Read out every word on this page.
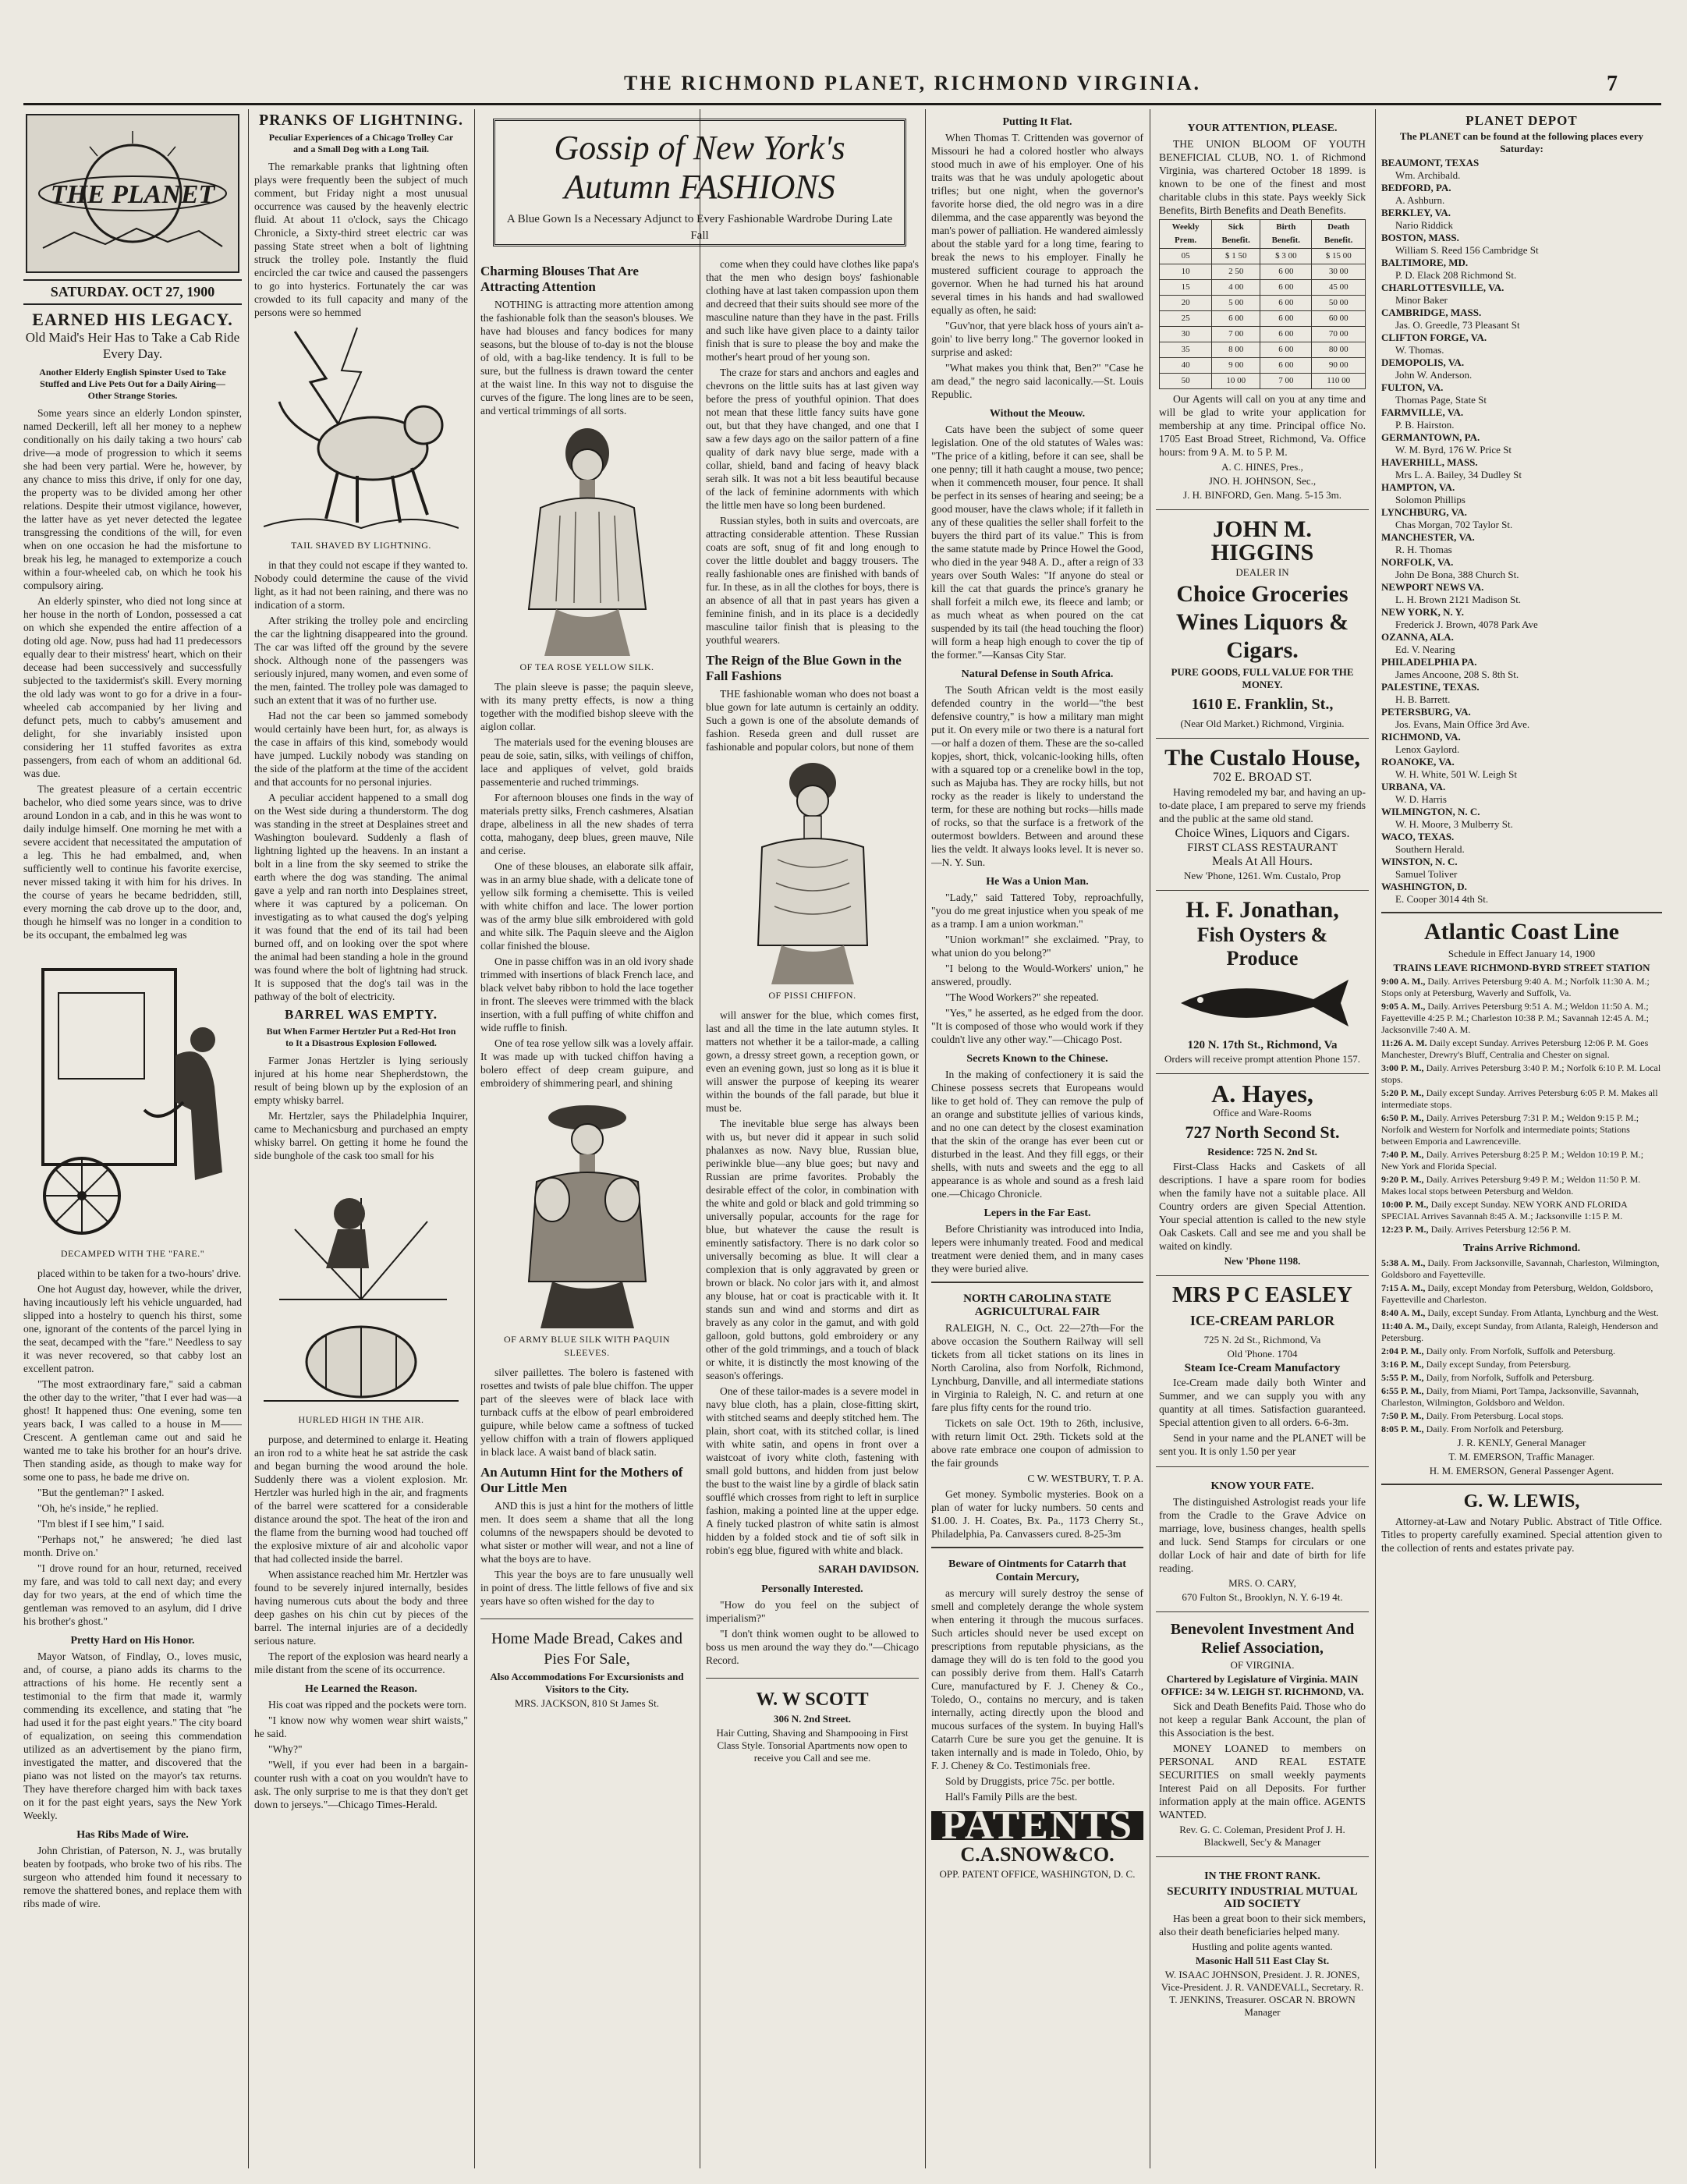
THE RICHMOND PLANET, RICHMOND VIRGINIA.	7
THE PLANET
SATURDAY. OCT 27, 1900

EARNED HIS LEGACY.

Old Maid's Heir Has to Take a Cab Ride Every Day.

Another Elderly English Spinster Used to Take Stuffed and Live Pets Out for a Daily Airing—Other Strange Stories.

Some years since an elderly London spinster, named Deckerill, left all her money to a nephew conditionally on his daily taking a two hours' cab drive—a mode of progression to which it seems she had been very partial. Were he, however, by any chance to miss this drive, if only for one day, the property was to be divided among her other relations. Despite their utmost vigilance, however, the latter have as yet never detected the legatee transgressing the conditions of the will, for even when on one occasion he had the misfortune to break his leg, he managed to extemporize a couch within a four-wheeled cab, on which he took his compulsory airing.

An elderly spinster, who died not long since at her house in the north of London, possessed a cat on which she expended the entire affection of a doting old age. Now, puss had had 11 predecessors equally dear to their mistress' heart, which on their decease had been successively and successfully subjected to the taxidermist's skill. Every morning the old lady was wont to go for a drive in a four-wheeled cab accompanied by her living and defunct pets, much to cabby's amusement and delight, for she invariably insisted upon considering her 11 stuffed favorites as extra passengers, from each of whom an additional 6d. was due.

The greatest pleasure of a certain eccentric bachelor, who died some years since, was to drive around London in a cab, and in this he was wont to daily indulge himself. One morning he met with a severe accident that necessitated the amputation of a leg. This he had embalmed, and, when sufficiently well to continue his favorite exercise, never missed taking it with him for his drives. In the course of years he became bedridden, still, every morning the cab drove up to the door, and, though he himself was no longer in a condition to be its occupant, the embalmed leg was

DECAMPED WITH THE "FARE."

placed within to be taken for a two-hours' drive.

One hot August day, however, while the driver, having incautiously left his vehicle unguarded, had slipped into a hostelry to quench his thirst, some one, ignorant of the contents of the parcel lying in the seat, decamped with the "fare." Needless to say it was never recovered, so that cabby lost an excellent patron.

"The most extraordinary fare," said a cabman the other day to the writer, "that I ever had was—a ghost! It happened thus: One evening, some ten years back, I was called to a house in M—— Crescent. A gentleman came out and said he wanted me to take his brother for an hour's drive. Then standing aside, as though to make way for some one to pass, he bade me drive on.

"But the gentleman?" I asked.

"Oh, he's inside," he replied.

"I'm blest if I see him," I said.

"Perhaps not," he answered; 'he died last month. Drive on.'

"I drove round for an hour, returned, received my fare, and was told to call next day; and every day for two years, at the end of which time the gentleman was removed to an asylum, did I drive his brother's ghost."

Pretty Hard on His Honor.

Mayor Watson, of Findlay, O., loves music, and, of course, a piano adds its charms to the attractions of his home. He recently sent a testimonial to the firm that made it, warmly commending its excellence, and stating that "he had used it for the past eight years." The city board of equalization, on seeing this commendation utilized as an advertisement by the piano firm, investigated the matter, and discovered that the piano was not listed on the mayor's tax returns. They have therefore charged him with back taxes on it for the past eight years, says the New York Weekly.

Has Ribs Made of Wire.

John Christian, of Paterson, N. J., was brutally beaten by footpads, who broke two of his ribs. The surgeon who attended him found it necessary to remove the shattered bones, and replace them with ribs made of wire.

PRANKS OF LIGHTNING.

Peculiar Experiences of a Chicago Trolley Car and a Small Dog with a Long Tail.

The remarkable pranks that lightning often plays were frequently been the subject of much comment, but Friday night a most unusual occurrence was caused by the heavenly electric fluid. At about 11 o'clock, says the Chicago Chronicle, a Sixty-third street electric car was passing State street when a bolt of lightning struck the trolley pole. Instantly the fluid encircled the car twice and caused the passengers to go into hysterics. Fortunately the car was crowded to its full capacity and many of the persons were so hemmed

TAIL SHAVED BY LIGHTNING.

in that they could not escape if they wanted to. Nobody could determine the cause of the vivid light, as it had not been raining, and there was no indication of a storm.

After striking the trolley pole and encircling the car the lightning disappeared into the ground. The car was lifted off the ground by the severe shock. Although none of the passengers was seriously injured, many women, and even some of the men, fainted. The trolley pole was damaged to such an extent that it was of no further use.

Had not the car been so jammed somebody would certainly have been hurt, for, as always is the case in affairs of this kind, somebody would have jumped. Luckily nobody was standing on the side of the platform at the time of the accident and that accounts for no personal injuries.

A peculiar accident happened to a small dog on the West side during a thunderstorm. The dog was standing in the street at Desplaines street and Washington boulevard. Suddenly a flash of lightning lighted up the heavens. In an instant a bolt in a line from the sky seemed to strike the earth where the dog was standing. The animal gave a yelp and ran north into Desplaines street, where it was captured by a policeman. On investigating as to what caused the dog's yelping it was found that the end of its tail had been burned off, and on looking over the spot where the animal had been standing a hole in the ground was found where the bolt of lightning had struck. It is supposed that the dog's tail was in the pathway of the bolt of electricity.

BARREL WAS EMPTY.

But When Farmer Hertzler Put a Red-Hot Iron to It a Disastrous Explosion Followed.

Farmer Jonas Hertzler is lying seriously injured at his home near Shepherdstown, the result of being blown up by the explosion of an empty whisky barrel.

Mr. Hertzler, says the Philadelphia Inquirer, came to Mechanicsburg and purchased an empty whisky barrel. On getting it home he found the side bunghole of the cask too small for his

HURLED HIGH IN THE AIR.

purpose, and determined to enlarge it. Heating an iron rod to a white heat he sat astride the cask and began burning the wood around the hole. Suddenly there was a violent explosion. Mr. Hertzler was hurled high in the air, and fragments of the barrel were scattered for a considerable distance around the spot. The heat of the iron and the flame from the burning wood had touched off the explosive mixture of air and alcoholic vapor that had collected inside the barrel.

When assistance reached him Mr. Hertzler was found to be severely injured internally, besides having numerous cuts about the body and three deep gashes on his chin cut by pieces of the barrel. The internal injuries are of a decidedly serious nature.

The report of the explosion was heard nearly a mile distant from the scene of its occurrence.

He Learned the Reason.

His coat was ripped and the pockets were torn.

"I know now why women wear shirt waists," he said.

"Why?"

"Well, if you ever had been in a bargain-counter rush with a coat on you wouldn't have to ask. The only surprise to me is that they don't get down to jerseys."—Chicago Times-Herald.

Charming Blouses That Are Attracting Attention

NOTHING is attracting more attention among the fashionable folk than the season's blouses. We have had blouses and fancy bodices for many seasons, but the blouse of to-day is not the blouse of old, with a bag-like tendency. It is full to be sure, but the fullness is drawn toward the center at the waist line. In this way not to disguise the curves of the figure. The long lines are to be seen, and vertical trimmings of all sorts.

OF TEA ROSE YELLOW SILK.

The plain sleeve is passe; the paquin sleeve, with its many pretty effects, is now a thing together with the modified bishop sleeve with the aiglon collar.

The materials used for the evening blouses are peau de soie, satin, silks, with veilings of chiffon, lace and appliques of velvet, gold braids passementerie and ruched trimmings.

For afternoon blouses one finds in the way of materials pretty silks, French cashmeres, Alsatian drape, albeliness in all the new shades of terra cotta, mahogany, deep blues, green mauve, Nile and cerise.

One of these blouses, an elaborate silk affair, was in an army blue shade, with a delicate tone of yellow silk forming a chemisette. This is veiled with white chiffon and lace. The lower portion was of the army blue silk embroidered with gold and white silk. The Paquin sleeve and the Aiglon collar finished the blouse.

One in passe chiffon was in an old ivory shade trimmed with insertions of black French lace, and black velvet baby ribbon to hold the lace together in front. The sleeves were trimmed with the black insertion, with a full puffing of white chiffon and wide ruffle to finish.

One of tea rose yellow silk was a lovely affair. It was made up with tucked chiffon having a bolero effect of deep cream guipure, and embroidery of shimmering pearl, and shining

OF ARMY BLUE SILK WITH PAQUIN SLEEVES.

silver paillettes. The bolero is fastened with rosettes and twists of pale blue chiffon. The upper part of the sleeves were of black lace with turnback cuffs at the elbow of pearl embroidered guipure, while below came a softness of tucked yellow chiffon with a train of flowers appliqued in black lace. A waist band of black satin.

An Autumn Hint for the Mothers of Our Little Men

AND this is just a hint for the mothers of little men. It does seem a shame that all the long columns of the newspapers should be devoted to what sister or mother will wear, and not a line of what the boys are to have.

This year the boys are to fare unusually well in point of dress. The little fellows of five and six years have so often wished for the day to

Home Made Bread, Cakes and Pies For Sale,

Also Accommodations For Excursionists and Visitors to the City.

MRS. JACKSON, 810 St James St.

Gossip of New York's Autumn FASHIONS

A Blue Gown Is a Necessary Adjunct to Every Fashionable Wardrobe During Late Fall

come when they could have clothes like papa's that the men who design boys' fashionable clothing have at last taken compassion upon them and decreed that their suits should see more of the masculine nature than they have in the past. Frills and such like have given place to a dainty tailor finish that is sure to please the boy and make the mother's heart proud of her young son.

The craze for stars and anchors and eagles and chevrons on the little suits has at last given way before the press of youthful opinion. That does not mean that these little fancy suits have gone out, but that they have changed, and one that I saw a few days ago on the sailor pattern of a fine quality of dark navy blue serge, made with a collar, shield, band and facing of heavy black serah silk. It was not a bit less beautiful because of the lack of feminine adornments with which the little men have so long been burdened.

Russian styles, both in suits and overcoats, are attracting considerable attention. These Russian coats are soft, snug of fit and long enough to cover the little doublet and baggy trousers. The really fashionable ones are finished with bands of fur. In these, as in all the clothes for boys, there is an absence of all that in past years has given a feminine finish, and in its place is a decidedly masculine tailor finish that is pleasing to the youthful wearers.

The Reign of the Blue Gown in the Fall Fashions

THE fashionable woman who does not boast a blue gown for late autumn is certainly an oddity. Such a gown is one of the absolute demands of fashion. Reseda green and dull russet are fashionable and popular colors, but none of them

OF PISSI CHIFFON.

will answer for the blue, which comes first, last and all the time in the late autumn styles. It matters not whether it be a tailor-made, a calling gown, a dressy street gown, a reception gown, or even an evening gown, just so long as it is blue it will answer the purpose of keeping its wearer within the bounds of the fall parade, but blue it must be.

The inevitable blue serge has always been with us, but never did it appear in such solid phalanxes as now. Navy blue, Russian blue, periwinkle blue—any blue goes; but navy and Russian are prime favorites. Probably the desirable effect of the color, in combination with the white and gold or black and gold trimming so universally popular, accounts for the rage for blue, but whatever the cause the result is eminently satisfactory. There is no dark color so universally becoming as blue. It will clear a complexion that is only aggravated by green or brown or black. No color jars with it, and almost any blouse, hat or coat is practicable with it. It stands sun and wind and storms and dirt as bravely as any color in the gamut, and with gold galloon, gold buttons, gold embroidery or any other of the gold trimmings, and a touch of black or white, it is distinctly the most knowing of the season's offerings.

One of these tailor-mades is a severe model in navy blue cloth, has a plain, close-fitting skirt, with stitched seams and deeply stitched hem. The plain, short coat, with its stitched collar, is lined with white satin, and opens in front over a waistcoat of ivory white cloth, fastening with small gold buttons, and hidden from just below the bust to the waist line by a girdle of black satin soufflé which crosses from right to left in surplice fashion, making a pointed line at the upper edge. A finely tucked plastron of white satin is almost hidden by a folded stock and tie of soft silk in robin's egg blue, figured with white and black.

SARAH DAVIDSON.

Personally Interested.

"How do you feel on the subject of imperialism?"

"I don't think women ought to be allowed to boss us men around the way they do."—Chicago Record.

W. W SCOTT

306 N. 2nd Street.

Hair Cutting, Shaving and Shampooing in First Class Style. Tonsorial Apartments now open to receive you Call and see me.

Putting It Flat.

When Thomas T. Crittenden was governor of Missouri he had a colored hostler who always stood much in awe of his employer. One of his traits was that he was unduly apologetic about trifles; but one night, when the governor's favorite horse died, the old negro was in a dire dilemma, and the case apparently was beyond the man's power of palliation. He wandered aimlessly about the stable yard for a long time, fearing to break the news to his employer. Finally he mustered sufficient courage to approach the governor. When he had turned his hat around several times in his hands and had swallowed equally as often, he said:

"Guv'nor, that yere black hoss of yours ain't a-goin' to live berry long." The governor looked in surprise and asked:

"What makes you think that, Ben?" "Case he am dead," the negro said laconically.—St. Louis Republic.

Without the Meouw.

Cats have been the subject of some queer legislation. One of the old statutes of Wales was: "The price of a kitling, before it can see, shall be one penny; till it hath caught a mouse, two pence; when it commenceth mouser, four pence. It shall be perfect in its senses of hearing and seeing; be a good mouser, have the claws whole; if it falleth in any of these qualities the seller shall forfeit to the buyers the third part of its value." This is from the same statute made by Prince Howel the Good, who died in the year 948 A. D., after a reign of 33 years over South Wales: "If anyone do steal or kill the cat that guards the prince's granary he shall forfeit a milch ewe, its fleece and lamb; or as much wheat as when poured on the cat suspended by its tail (the head touching the floor) will form a heap high enough to cover the tip of the former."—Kansas City Star.

Natural Defense in South Africa.

The South African veldt is the most easily defended country in the world—"the best defensive country," is how a military man might put it. On every mile or two there is a natural fort—or half a dozen of them. These are the so-called kopjes, short, thick, volcanic-looking hills, often with a squared top or a crenelike bowl in the top, such as Majuba has. They are rocky hills, but not rocky as the reader is likely to understand the term, for these are nothing but rocks—hills made of rocks, so that the surface is a fretwork of the outermost bowlders. Between and around these lies the veldt. It always looks level. It is never so.—N. Y. Sun.

He Was a Union Man.

"Lady," said Tattered Toby, reproachfully, "you do me great injustice when you speak of me as a tramp. I am a union workman."

"Union workman!" she exclaimed. "Pray, to what union do you belong?"

"I belong to the Would-Workers' union," he answered, proudly.

"The Wood Workers?" she repeated.

"Yes," he asserted, as he edged from the door. "It is composed of those who would work if they couldn't live any other way."—Chicago Post.

Secrets Known to the Chinese.

In the making of confectionery it is said the Chinese possess secrets that Europeans would like to get hold of. They can remove the pulp of an orange and substitute jellies of various kinds, and no one can detect by the closest examination that the skin of the orange has ever been cut or disturbed in the least. And they fill eggs, or their shells, with nuts and sweets and the egg to all appearance is as whole and sound as a fresh laid one.—Chicago Chronicle.

Lepers in the Far East.

Before Christianity was introduced into India, lepers were inhumanly treated. Food and medical treatment were denied them, and in many cases they were buried alive.

NORTH CAROLINA STATE AGRICULTURAL FAIR

RALEIGH, N. C., Oct. 22—27th—For the above occasion the Southern Railway will sell tickets from all ticket stations on its lines in North Carolina, also from Norfolk, Richmond, Lynchburg, Danville, and all intermediate stations in Virginia to Raleigh, N. C. and return at one fare plus fifty cents for the round trio.

Tickets on sale Oct. 19th to 26th, inclusive, with return limit Oct. 29th. Tickets sold at the above rate embrace one coupon of admission to the fair grounds

C W. WESTBURY, T. P. A.

Get money. Symbolic mysteries. Book on a plan of water for lucky numbers. 50 cents and $1.00. J. H. Coates, Bx. Pa., 1173 Cherry St., Philadelphia, Pa. Canvassers cured. 8-25-3m

Beware of Ointments for Catarrh that Contain Mercury,

as mercury will surely destroy the sense of smell and completely derange the whole system when entering it through the mucous surfaces. Such articles should never be used except on prescriptions from reputable physicians, as the damage they will do is ten fold to the good you can possibly derive from them. Hall's Catarrh Cure, manufactured by F. J. Cheney & Co., Toledo, O., contains no mercury, and is taken internally, acting directly upon the blood and mucous surfaces of the system. In buying Hall's Catarrh Cure be sure you get the genuine. It is taken internally and is made in Toledo, Ohio, by F. J. Cheney & Co. Testimonials free.

Sold by Druggists, price 75c. per bottle.

Hall's Family Pills are the best.

PATENTS

C.A.SNOW&CO.

OPP. PATENT OFFICE, WASHINGTON, D. C.

YOUR ATTENTION, PLEASE.

THE UNION BLOOM OF YOUTH BENEFICIAL CLUB, NO. 1. of Richmond Virginia, was chartered October 18 1899. is known to be one of the finest and most charitable clubs in this state. Pays weekly Sick Benefits, Birth Benefits and Death Benefits.

Weekly Prem.	Sick Benefit.	Birth Benefit.	Death Benefit.
05	$ 1 50	$ 3 00	$ 15 00
10	2 50	6 00	30 00
15	4 00	6 00	45 00
20	5 00	6 00	50 00
25	6 00	6 00	60 00
30	7 00	6 00	70 00
35	8 00	6 00	80 00
40	9 00	6 00	90 00
50	10 00	7 00	110 00

Our Agents will call on you at any time and will be glad to write your application for membership at any time. Principal office No. 1705 East Broad Street, Richmond, Va. Office hours: from 9 A. M. to 5 P. M.

A. C. HINES, Pres.,

JNO. H. JOHNSON, Sec.,

J. H. BINFORD, Gen. Mang. 5-15 3m.

JOHN M. HIGGINS

DEALER IN

Choice Groceries Wines Liquors & Cigars.

PURE GOODS, FULL VALUE FOR THE MONEY.

1610 E. Franklin, St.,

(Near Old Market.) Richmond, Virginia.

The Custalo House,

702 E. BROAD ST.

Having remodeled my bar, and having an up-to-date place, I am prepared to serve my friends and the public at the same old stand.

Choice Wines, Liquors and Cigars.

FIRST CLASS RESTAURANT

Meals At All Hours.

New 'Phone, 1261. Wm. Custalo, Prop

H. F. Jonathan,

Fish Oysters & Produce

120 N. 17th St., Richmond, Va

Orders will receive prompt attention Phone 157.

A. Hayes,

Office and Ware-Rooms

727 North Second St.

Residence: 725 N. 2nd St.

First-Class Hacks and Caskets of all descriptions. I have a spare room for bodies when the family have not a suitable place. All Country orders are given Special Attention. Your special attention is called to the new style Oak Caskets. Call and see me and you shall be waited on kindly.

New 'Phone 1198.

MRS P C EASLEY

ICE-CREAM PARLOR

725 N. 2d St., Richmond, Va

Old 'Phone. 1704

Steam Ice-Cream Manufactory

Ice-Cream made daily both Winter and Summer, and we can supply you with any quantity at all times. Satisfaction guaranteed. Special attention given to all orders. 6-6-3m.

Send in your name and the PLANET will be sent you. It is only 1.50 per year

KNOW YOUR FATE.

The distinguished Astrologist reads your life from the Cradle to the Grave Advice on marriage, love, business changes, health spells and luck. Send Stamps for circulars or one dollar Lock of hair and date of birth for life reading.

MRS. O. CARY,

670 Fulton St., Brooklyn, N. Y. 6-19 4t.

Benevolent Investment And Relief Association,

OF VIRGINIA.

Chartered by Legislature of Virginia. MAIN OFFICE: 34 W. LEIGH ST. RICHMOND, VA.

Sick and Death Benefits Paid. Those who do not keep a regular Bank Account, the plan of this Association is the best.

MONEY LOANED to members on PERSONAL AND REAL ESTATE SECURITIES on small weekly payments Interest Paid on all Deposits. For further information apply at the main office. AGENTS WANTED.

Rev. G. C. Coleman, President Prof J. H. Blackwell, Sec'y & Manager

IN THE FRONT RANK.

SECURITY INDUSTRIAL MUTUAL AID SOCIETY

Has been a great boon to their sick members, also their death beneficiaries helped many.

Hustling and polite agents wanted.

Masonic Hall 511 East Clay St.

W. ISAAC JOHNSON, President. J. R. JONES, Vice-President. J. R. VANDEVALL, Secretary. R. T. JENKINS, Treasurer. OSCAR N. BROWN Manager

PLANET DEPOT

The PLANET can be found at the following places every Saturday:

BEAUMONT, TEXAS

Wm. Archibald.

BEDFORD, PA.

A. Ashburn.

BERKLEY, VA.

Nario Riddick

BOSTON, MASS.

William S. Reed 156 Cambridge St

BALTIMORE, MD.

P. D. Elack 208 Richmond St.

CHARLOTTESVILLE, VA.

Minor Baker

CAMBRIDGE, MASS.

Jas. O. Greedle, 73 Pleasant St

CLIFTON FORGE, VA.

W. Thomas.

DEMOPOLIS, VA.

John W. Anderson.

FULTON, VA.

Thomas Page, State St

FARMVILLE, VA.

P. B. Hairston.

GERMANTOWN, PA.

W. M. Byrd, 176 W. Price St

HAVERHILL, MASS.

Mrs L. A. Bailey, 34 Dudley St

HAMPTON, VA.

Solomon Phillips

LYNCHBURG, VA.

Chas Morgan, 702 Taylor St.

MANCHESTER, VA.

R. H. Thomas

NORFOLK, VA.

John De Bona, 388 Church St.

NEWPORT NEWS VA.

L. H. Brown 2121 Madison St.

NEW YORK, N. Y.

Frederick J. Brown, 4078 Park Ave

OZANNA, ALA.

Ed. V. Nearing

PHILADELPHIA PA.

James Ancoone, 208 S. 8th St.

PALESTINE, TEXAS.

H. B. Barrett.

PETERSBURG, VA.

Jos. Evans, Main Office 3rd Ave.

RICHMOND, VA.

Lenox Gaylord.

ROANOKE, VA.

W. H. White, 501 W. Leigh St

URBANA, VA.

W. D. Harris

WILMINGTON, N. C.

W. H. Moore, 3 Mulberry St.

WACO, TEXAS.

Southern Herald.

WINSTON, N. C.

Samuel Toliver

WASHINGTON, D.

E. Cooper 3014 4th St.

Atlantic Coast Line

Schedule in Effect January 14, 1900

TRAINS LEAVE RICHMOND-BYRD STREET STATION

9:00 A. M., Daily. Arrives Petersburg 9:40 A. M.; Norfolk 11:30 A. M.; Stops only at Petersburg, Waverly and Suffolk, Va.

9:05 A. M., Daily. Arrives Petersburg 9:51 A. M.; Weldon 11:50 A. M.; Fayetteville 4:25 P. M.; Charleston 10:38 P. M.; Savannah 12:45 A. M.; Jacksonville 7:40 A. M.

11:26 A. M. Daily except Sunday. Arrives Petersburg 12:06 P. M. Goes Manchester, Drewry's Bluff, Centralia and Chester on signal.

3:00 P. M., Daily. Arrives Petersburg 3:40 P. M.; Norfolk 6:10 P. M. Local stops.

5:20 P. M., Daily except Sunday. Arrives Petersburg 6:05 P. M. Makes all intermediate stops.

6:50 P. M., Daily. Arrives Petersburg 7:31 P. M.; Weldon 9:15 P. M.; Norfolk and Western for Norfolk and intermediate points; Stations between Emporia and Lawrenceville.

7:40 P. M., Daily. Arrives Petersburg 8:25 P. M.; Weldon 10:19 P. M.; New York and Florida Special.

9:20 P. M., Daily. Arrives Petersburg 9:49 P. M.; Weldon 11:50 P. M. Makes local stops between Petersburg and Weldon.

10:00 P. M., Daily except Sunday. NEW YORK AND FLORIDA SPECIAL Arrives Savannah 8:45 A. M.; Jacksonville 1:15 P. M.

12:23 P. M., Daily. Arrives Petersburg 12:56 P. M.

Trains Arrive Richmond.

5:38 A. M., Daily. From Jacksonville, Savannah, Charleston, Wilmington, Goldsboro and Fayetteville.

7:15 A. M., Daily, except Monday from Petersburg, Weldon, Goldsboro, Fayetteville and Charleston.

8:40 A. M., Daily, except Sunday. From Atlanta, Lynchburg and the West.

11:40 A. M., Daily, except Sunday, from Atlanta, Raleigh, Henderson and Petersburg.

2:04 P. M., Daily only. From Norfolk, Suffolk and Petersburg.

3:16 P. M., Daily except Sunday, from Petersburg.

5:55 P. M., Daily, from Norfolk, Suffolk and Petersburg.

6:55 P. M., Daily, from Miami, Port Tampa, Jacksonville, Savannah, Charleston, Wilmington, Goldsboro and Weldon.

7:50 P. M., Daily. From Petersburg. Local stops.

8:05 P. M., Daily. From Norfolk and Petersburg.

J. R. KENLY, General Manager

T. M. EMERSON, Traffic Manager.

H. M. EMERSON, General Passenger Agent.

G. W. LEWIS,

Attorney-at-Law and Notary Public. Abstract of Title Office. Titles to property carefully examined. Special attention given to the collection of rents and estates private pay.
